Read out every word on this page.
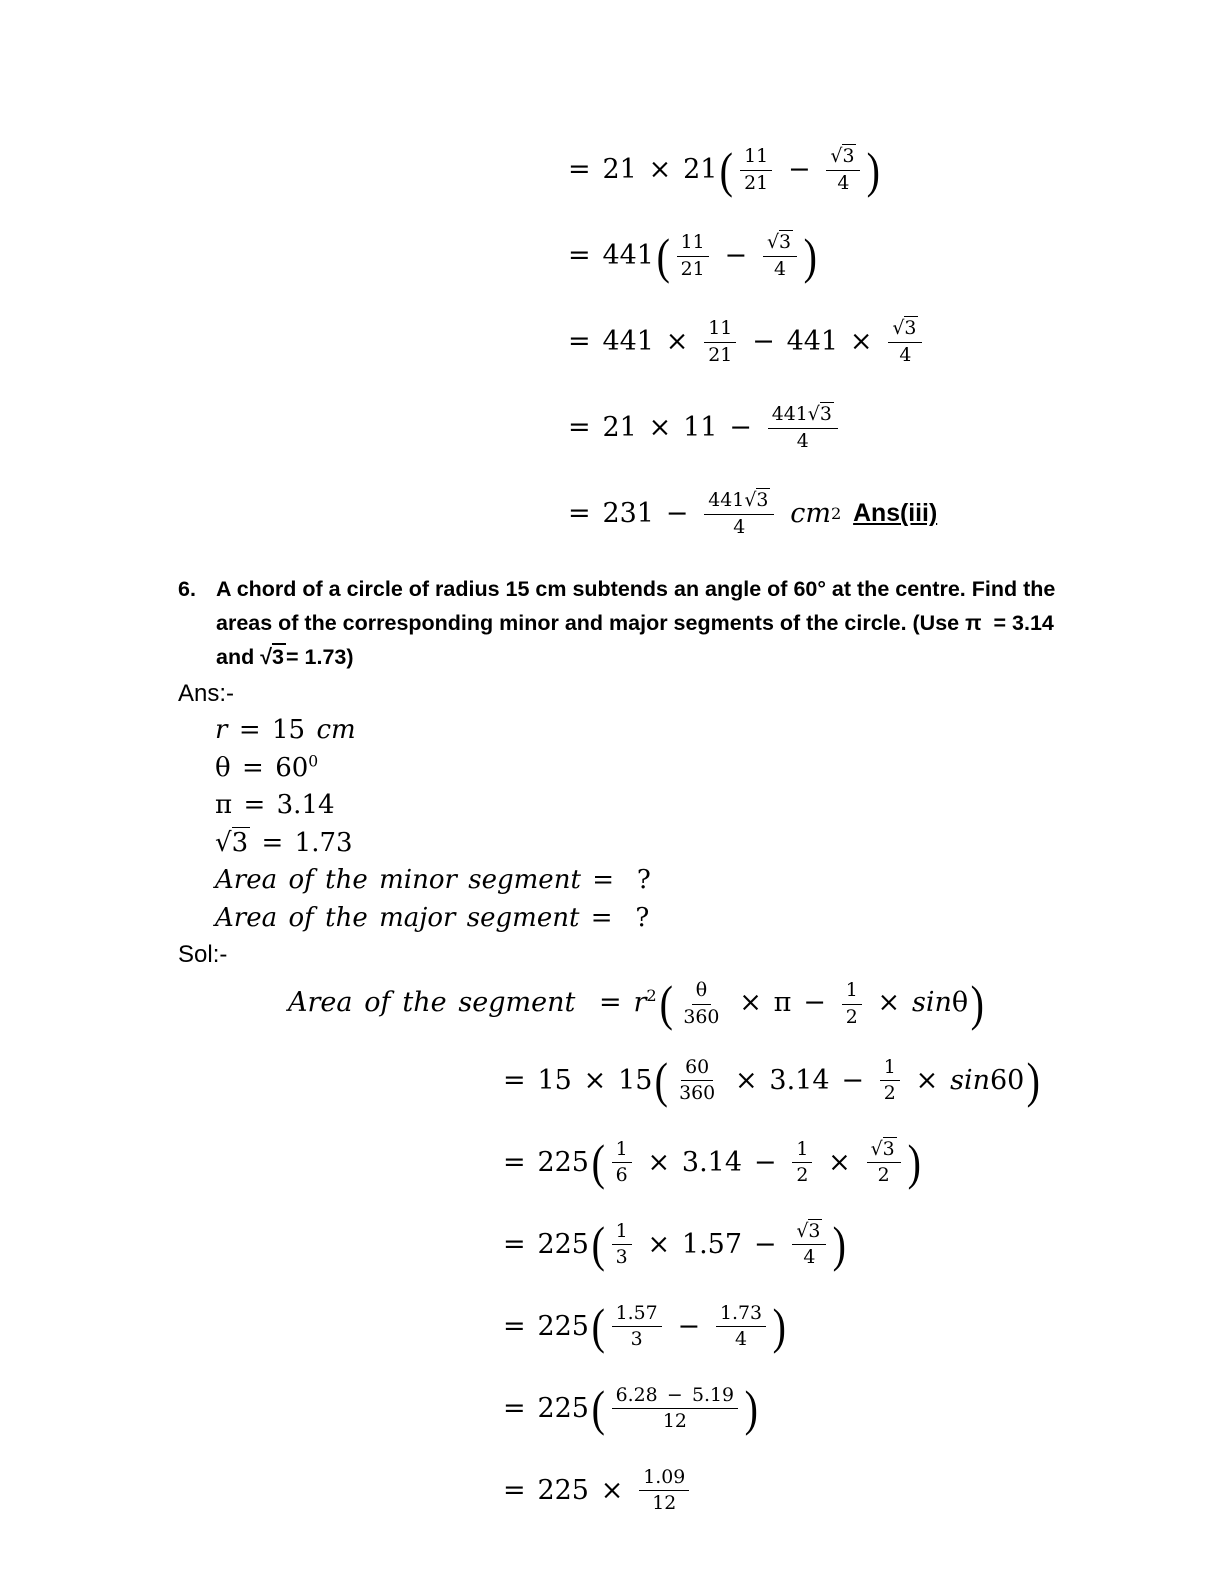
= 21 × 21 ( $\frac{11}{21} - \frac{√3}{4}$ )
= 441 ( $\frac{11}{21} - \frac{√3}{4}$ )
= $441 \times \frac{11}{21} - 441 \times \frac{√3}{4}$
= $21 \times 11 - \frac{441√3}{4}$
= $231 - \frac{441√3}{4}$
cm 2
Ans(iii)
6. A chord of a circle of radius 15 cm subtends an angle of 60° at the centre. Find the
areas of the corresponding minor and major segments of the circle. (Use π  = 3.14
and √3= 1.73)
Ans:-
r = 15 cm
$\theta = 60^0$
π = 3.14
√3 = 1.73
Area of the minor segment =  ?
Area of the major segment =  ?
Sol:-
Area of the segment  = $r^2( \frac{\theta}{360} \times \pi - \frac{1}{2} \times \sin\theta)$
= 15 × 15 ( $\frac{60}{360} \times 3.14 - \frac{1}{2} \times \sin 60$ )
= 225 ( $\frac{1}{6} \times 3.14 - \frac{1}{2} \times \frac{√3}{2}$ )
= 225 ( $\frac{1}{3} \times 1.57 - \frac{√3}{4}$ )
= 225 ( $\frac{1.57}{3} - \frac{1.73}{4}$ )
= 225 ( $\frac{6.28 - 5.19}{12}$ )
= $225 \times \frac{1.09}{12}$
